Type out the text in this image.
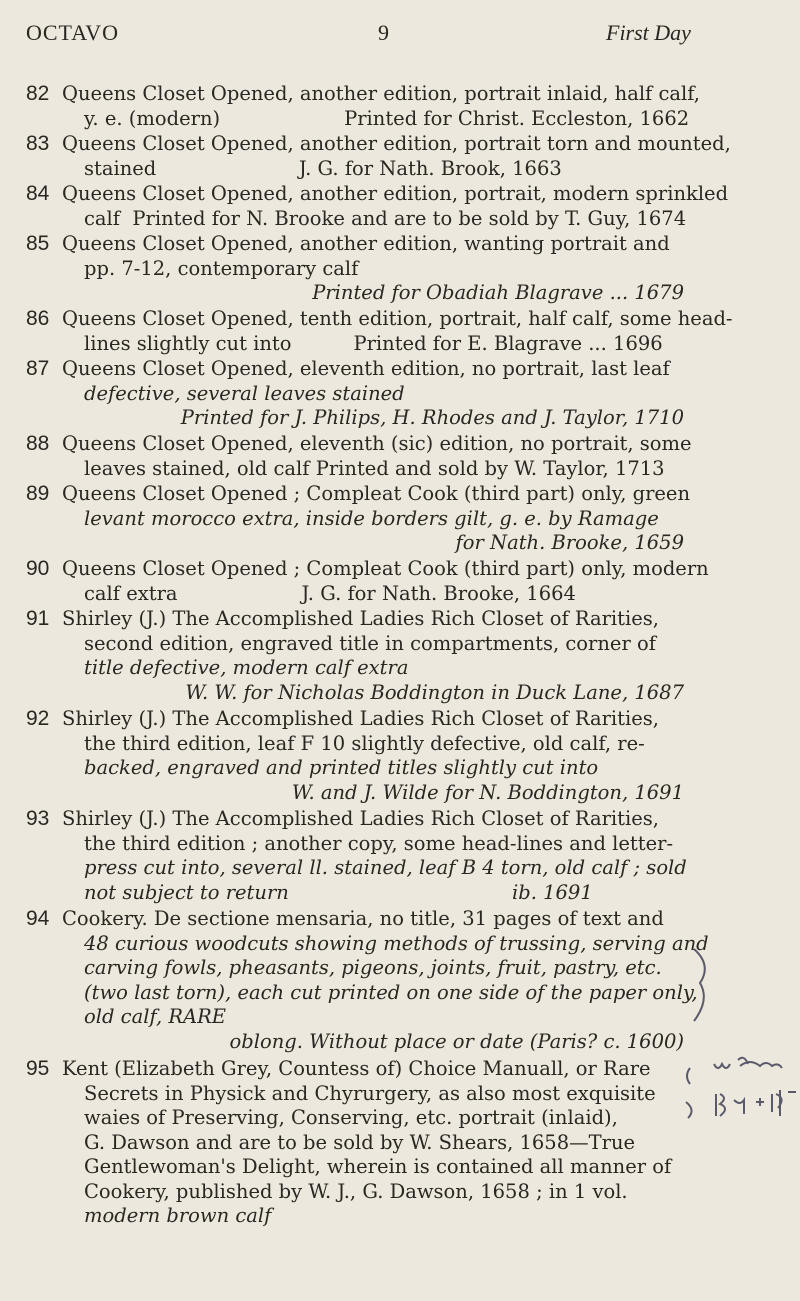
OCTAVO	9	First Day
82 Queens Closet Opened, another edition, portrait inlaid, half calf,
y. e. (modern)                    Printed for Christ. Eccleston, 1662
83 Queens Closet Opened, another edition, portrait torn and mounted,
stained                       J. G. for Nath. Brook, 1663
84 Queens Closet Opened, another edition, portrait, modern sprinkled
calf  Printed for N. Brooke and are to be sold by T. Guy, 1674
85 Queens Closet Opened, another edition, wanting portrait and
pp. 7-12, contemporary calf
Printed for Obadiah Blagrave ... 1679
86 Queens Closet Opened, tenth edition, portrait, half calf, some head-
lines slightly cut into          Printed for E. Blagrave ... 1696
87 Queens Closet Opened, eleventh edition, no portrait, last leaf
defective, several leaves stained
Printed for J. Philips, H. Rhodes and J. Taylor, 1710
88 Queens Closet Opened, eleventh (sic) edition, no portrait, some
leaves stained, old calf Printed and sold by W. Taylor, 1713
89 Queens Closet Opened ; Compleat Cook (third part) only, green
levant morocco extra, inside borders gilt, g. e. by Ramage
for Nath. Brooke, 1659
90 Queens Closet Opened ; Compleat Cook (third part) only, modern
calf extra                    J. G. for Nath. Brooke, 1664
91 Shirley (J.) The Accomplished Ladies Rich Closet of Rarities,
second edition, engraved title in compartments, corner of
title defective, modern calf extra
W. W. for Nicholas Boddington in Duck Lane, 1687
92 Shirley (J.) The Accomplished Ladies Rich Closet of Rarities,
the third edition, leaf F 10 slightly defective, old calf, re-
backed, engraved and printed titles slightly cut into
W. and J. Wilde for N. Boddington, 1691
93 Shirley (J.) The Accomplished Ladies Rich Closet of Rarities,
the third edition ; another copy, some head-lines and letter-
press cut into, several ll. stained, leaf B 4 torn, old calf ; sold
not subject to return                                    ib. 1691
94 Cookery. De sectione mensaria, no title, 31 pages of text and
48 curious woodcuts showing methods of trussing, serving and
carving fowls, pheasants, pigeons, joints, fruit, pastry, etc.
(two last torn), each cut printed on one side of the paper only,
old calf, RARE
oblong. Without place or date (Paris? c. 1600)
95 Kent (Elizabeth Grey, Countess of) Choice Manuall, or Rare
Secrets in Physick and Chyrurgery, as also most exquisite
waies of Preserving, Conserving, etc. portrait (inlaid),
G. Dawson and are to be sold by W. Shears, 1658—True
Gentlewoman's Delight, wherein is contained all manner of
Cookery, published by W. J., G. Dawson, 1658 ; in 1 vol.
modern brown calf
